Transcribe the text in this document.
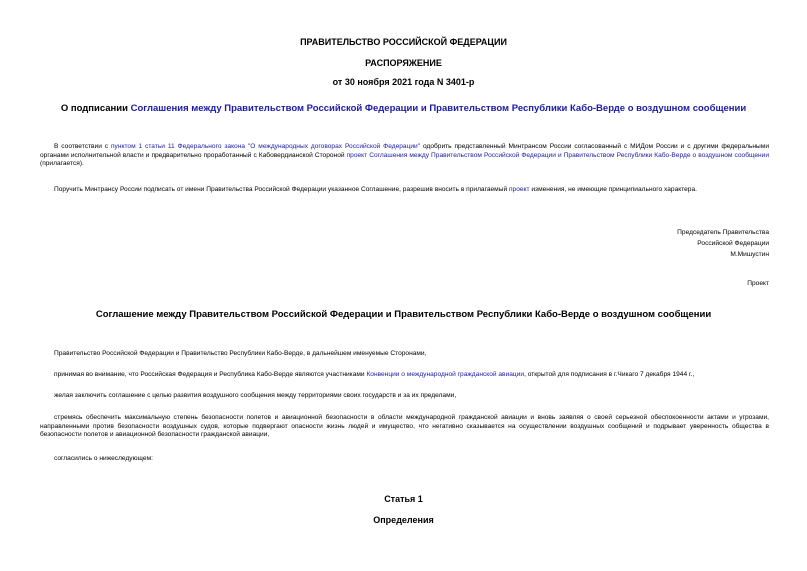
ПРАВИТЕЛЬСТВО РОССИЙСКОЙ ФЕДЕРАЦИИ
РАСПОРЯЖЕНИЕ
от 30 ноября 2021 года N 3401-р
О подписании Соглашения между Правительством Российской Федерации и Правительством Республики Кабо-Верде о воздушном сообщении
В соответствии с пунктом 1 статьи 11 Федерального закона "О международных договорах Российской Федерации" одобрить представленный Минтрансом России согласованный с МИДом России и с другими федеральными органами исполнительной власти и предварительно проработанный с Кабовердианской Стороной проект Соглашения между Правительством Российской Федерации и Правительством Республики Кабо-Верде о воздушном сообщении (прилагается).
Поручить Минтрансу России подписать от имени Правительства Российской Федерации указанное Соглашение, разрешив вносить в прилагаемый проект изменения, не имеющие принципиального характера.
Председатель Правительства
Российской Федерации
М.Мишустин
Проект
Соглашение между Правительством Российской Федерации и Правительством Республики Кабо-Верде о воздушном сообщении
Правительство Российской Федерации и Правительство Республики Кабо-Верде, в дальнейшем именуемые Сторонами,
принимая во внимание, что Российская Федерация и Республика Кабо-Верде являются участниками Конвенции о международной гражданской авиации, открытой для подписания в г.Чикаго 7 декабря 1944 г.,
желая заключить соглашение с целью развития воздушного сообщения между территориями своих государств и за их пределами,
стремясь обеспечить максимальную степень безопасности полетов и авиационной безопасности в области международной гражданской авиации и вновь заявляя о своей серьезной обеспокоенности актами и угрозами, направленными против безопасности воздушных судов, которые подвергают опасности жизнь людей и имущество, что негативно сказывается на осуществлении воздушных сообщений и подрывает уверенность общества в безопасности полетов и авиационной безопасности гражданской авиации,
согласились о нижеследующем:
Статья 1
Определения
